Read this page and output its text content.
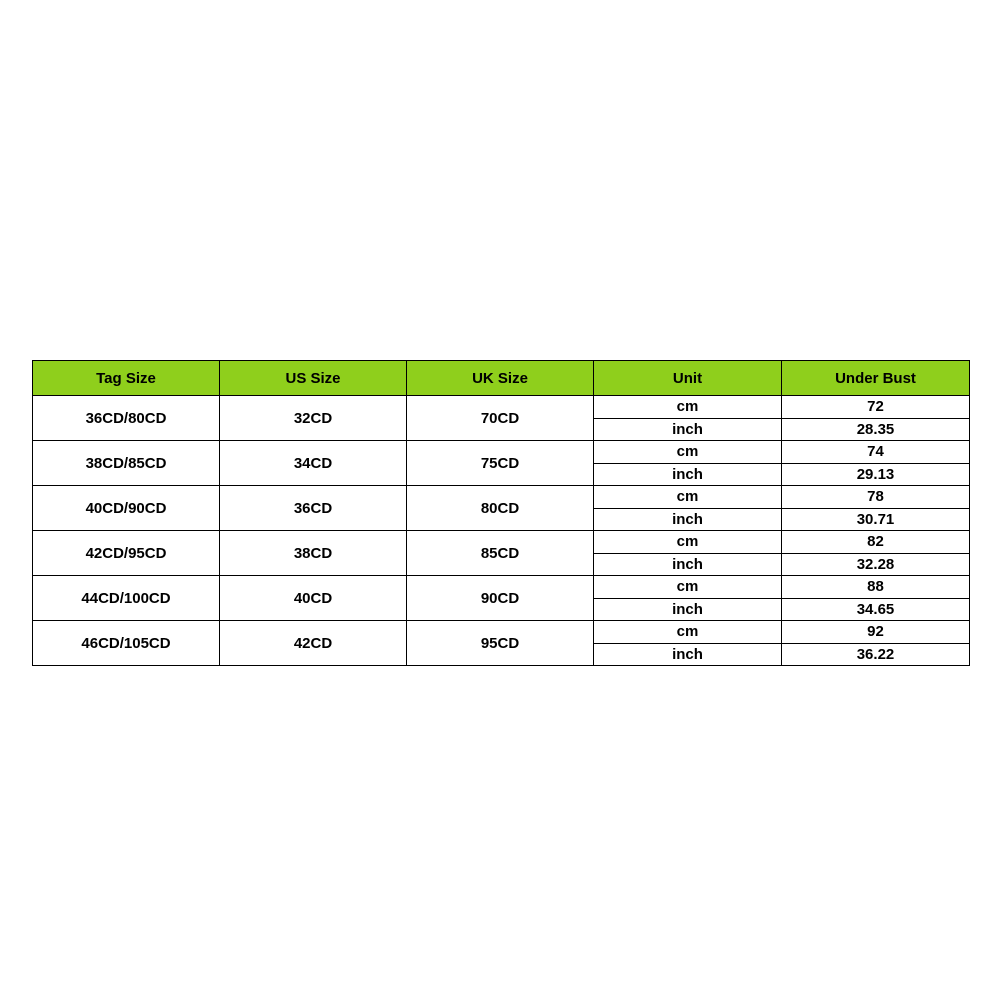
Tag Size	US Size	UK Size	Unit	Under Bust
36CD/80CD	32CD	70CD	cm	72
			inch	28.35
38CD/85CD	34CD	75CD	cm	74
			inch	29.13
40CD/90CD	36CD	80CD	cm	78
			inch	30.71
42CD/95CD	38CD	85CD	cm	82
			inch	32.28
44CD/100CD	40CD	90CD	cm	88
			inch	34.65
46CD/105CD	42CD	95CD	cm	92
			inch	36.22
